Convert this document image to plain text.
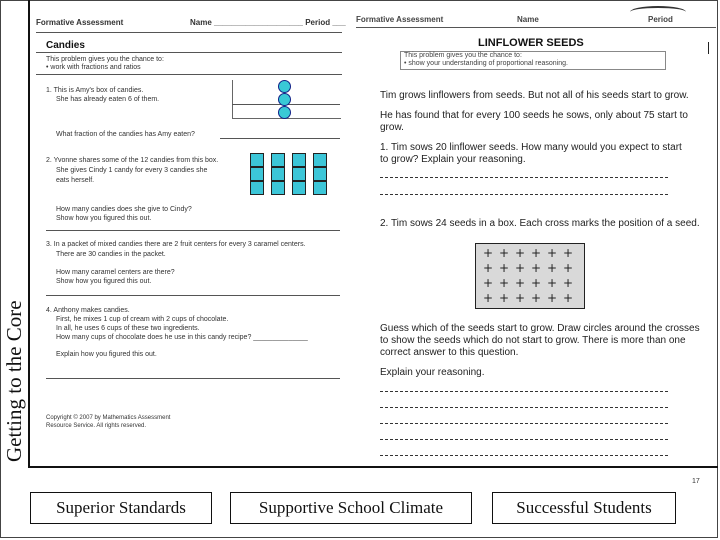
Getting to the Core
Formative Assessment	Name ____________________ Period ___
Candies
This problem gives you the chance to:
• work with fractions and ratios
1. This is Amy's box of candies.
She has already eaten 6 of them.
What fraction of the candies has Amy eaten?
2. Yvonne shares some of the 12 candies from this box.
She gives Cindy 1 candy for every 3 candies she
eats herself.
How many candies does she give to Cindy?
Show how you figured this out.
3. In a packet of mixed candies there are 2 fruit centers for every 3 caramel centers.
There are 30 candies in the packet.
How many caramel centers are there?
Show how you figured this out.
4. Anthony makes candies.
First, he mixes 1 cup of cream with 2 cups of chocolate.
In all, he uses 6 cups of these two ingredients.
How many cups of chocolate does he use in this candy recipe? ______________
Explain how you figured this out.
Copyright © 2007 by Mathematics Assessment
Resource Service. All rights reserved.
Formative Assessment	Name	Period
LINFLOWER SEEDS
This problem gives you the chance to:
• show your understanding of proportional reasoning.
Tim grows linflowers from seeds. But not all of his seeds start to grow.
He has found that for every 100 seeds he sows, only about 75 start to
grow.
1. Tim sows 20 linflower seeds. How many would you expect to start
to grow? Explain your reasoning.
2. Tim sows 24 seeds in a box. Each cross marks the position of a seed.
+ + + + + +
+ + + + + +
+ + + + + +
+ + + + + +
Guess which of the seeds start to grow. Draw circles around the crosses
to show the seeds which do not start to grow. There is more than one
correct answer to this question.
Explain your reasoning.
17
Superior Standards	Supportive School Climate	Successful Students
